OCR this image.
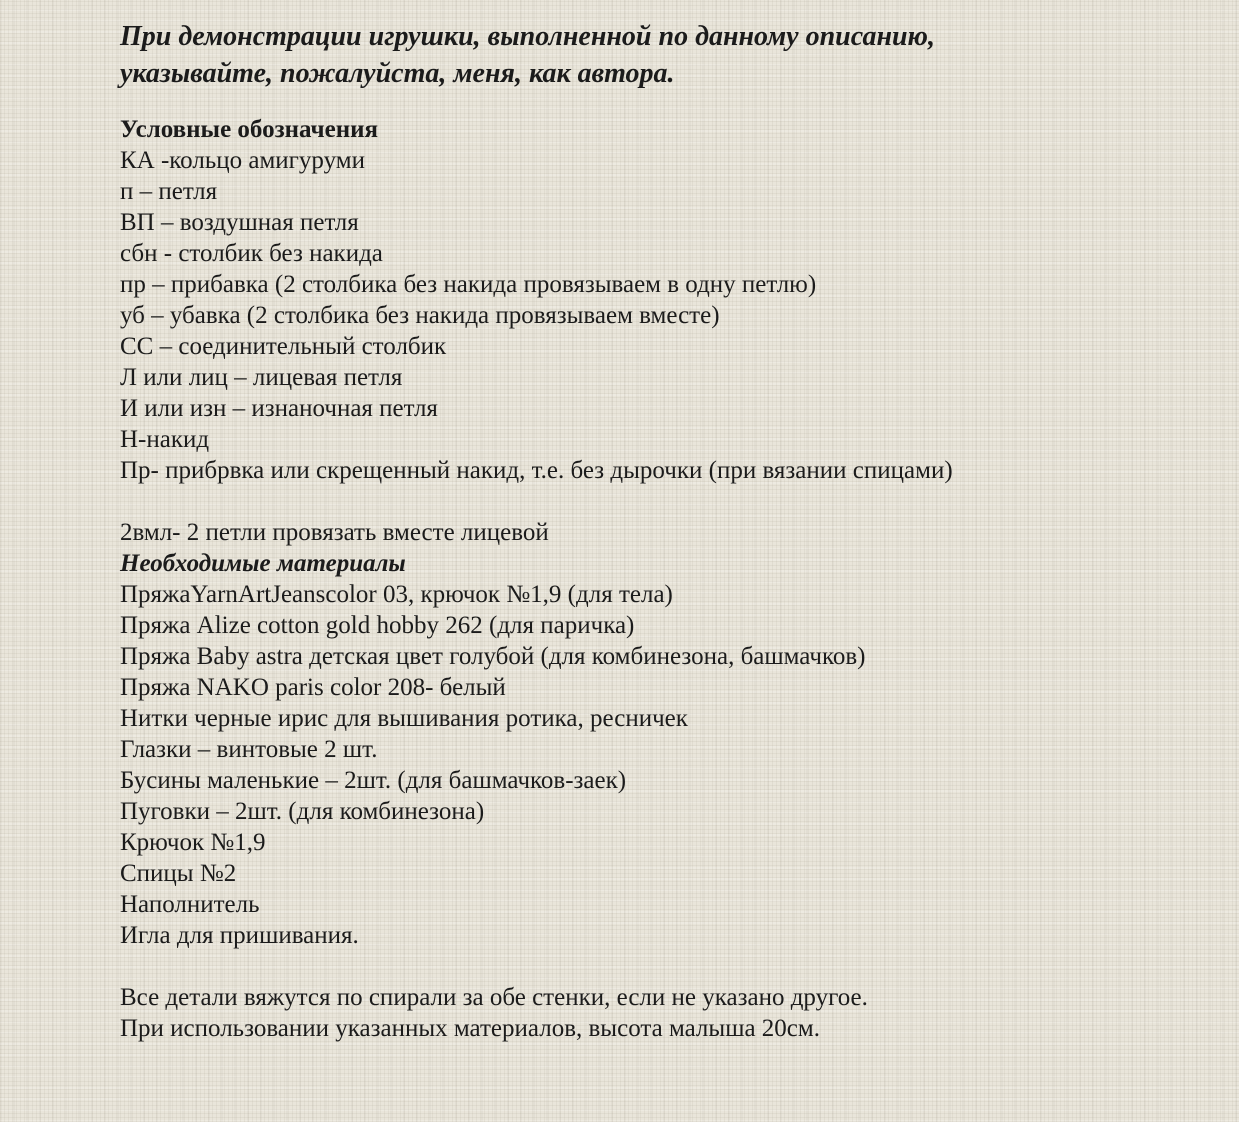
При демонстрации игрушки, выполненной по данному описанию,
указывайте, пожалуйста, меня, как автора.

Условные обозначения

КА -кольцо амигуруми
п – петля
ВП – воздушная петля
сбн - столбик без накида
пр – прибавка (2 столбика без накида провязываем в одну петлю)
уб – убавка (2 столбика без накида провязываем вместе)
СС – соединительный столбик
Л или лиц – лицевая петля
И или изн – изнаночная петля
Н-накид
Пр- прибрвка или скрещенный накид, т.е. без дырочки (при вязании спицами)

2вмл- 2 петли провязать вместе лицевой

Необходимые материалы

ПряжаYarnArtJeanscolor 03, крючок №1,9 (для тела)
Пряжа Alize cotton gold hobby 262 (для паричка)
Пряжа Baby astra детская цвет голубой (для комбинезона, башмачков)
Пряжа NAKO paris color 208- белый
Нитки черные ирис для вышивания ротика, ресничек
Глазки – винтовые 2 шт.
Бусины маленькие – 2шт. (для башмачков-заек)
Пуговки – 2шт. (для комбинезона)
Крючок №1,9
Спицы №2
Наполнитель
Игла для пришивания.

Все детали вяжутся по спирали за обе стенки, если не указано другое.

При использовании указанных материалов, высота малыша 20см.
